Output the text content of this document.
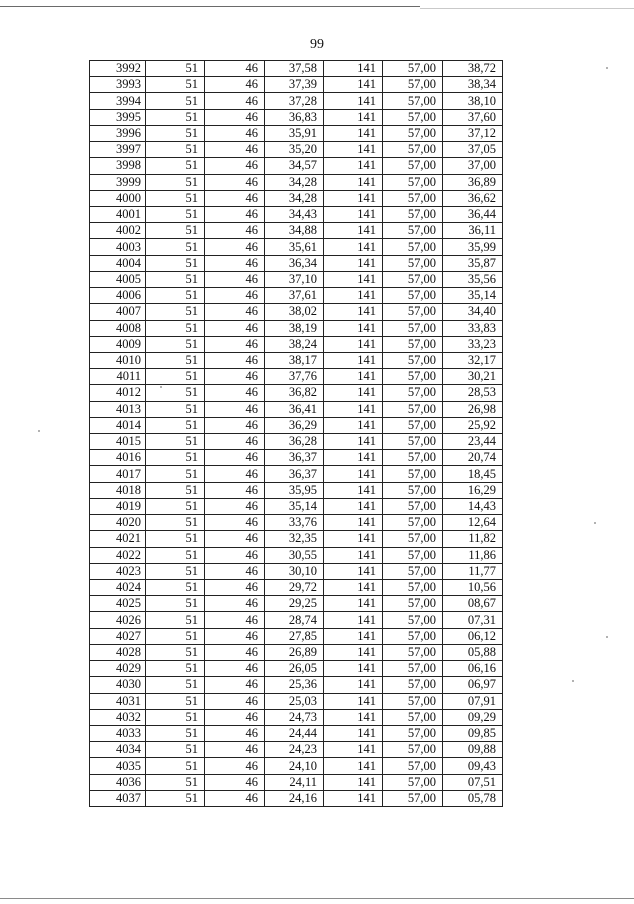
99
3992	51	46	37,58	141	57,00	38,72
3993	51	46	37,39	141	57,00	38,34
3994	51	46	37,28	141	57,00	38,10
3995	51	46	36,83	141	57,00	37,60
3996	51	46	35,91	141	57,00	37,12
3997	51	46	35,20	141	57,00	37,05
3998	51	46	34,57	141	57,00	37,00
3999	51	46	34,28	141	57,00	36,89
4000	51	46	34,28	141	57,00	36,62
4001	51	46	34,43	141	57,00	36,44
4002	51	46	34,88	141	57,00	36,11
4003	51	46	35,61	141	57,00	35,99
4004	51	46	36,34	141	57,00	35,87
4005	51	46	37,10	141	57,00	35,56
4006	51	46	37,61	141	57,00	35,14
4007	51	46	38,02	141	57,00	34,40
4008	51	46	38,19	141	57,00	33,83
4009	51	46	38,24	141	57,00	33,23
4010	51	46	38,17	141	57,00	32,17
4011	51	46	37,76	141	57,00	30,21
4012	51	46	36,82	141	57,00	28,53
4013	51	46	36,41	141	57,00	26,98
4014	51	46	36,29	141	57,00	25,92
4015	51	46	36,28	141	57,00	23,44
4016	51	46	36,37	141	57,00	20,74
4017	51	46	36,37	141	57,00	18,45
4018	51	46	35,95	141	57,00	16,29
4019	51	46	35,14	141	57,00	14,43
4020	51	46	33,76	141	57,00	12,64
4021	51	46	32,35	141	57,00	11,82
4022	51	46	30,55	141	57,00	11,86
4023	51	46	30,10	141	57,00	11,77
4024	51	46	29,72	141	57,00	10,56
4025	51	46	29,25	141	57,00	08,67
4026	51	46	28,74	141	57,00	07,31
4027	51	46	27,85	141	57,00	06,12
4028	51	46	26,89	141	57,00	05,88
4029	51	46	26,05	141	57,00	06,16
4030	51	46	25,36	141	57,00	06,97
4031	51	46	25,03	141	57,00	07,91
4032	51	46	24,73	141	57,00	09,29
4033	51	46	24,44	141	57,00	09,85
4034	51	46	24,23	141	57,00	09,88
4035	51	46	24,10	141	57,00	09,43
4036	51	46	24,11	141	57,00	07,51
4037	51	46	24,16	141	57,00	05,78
